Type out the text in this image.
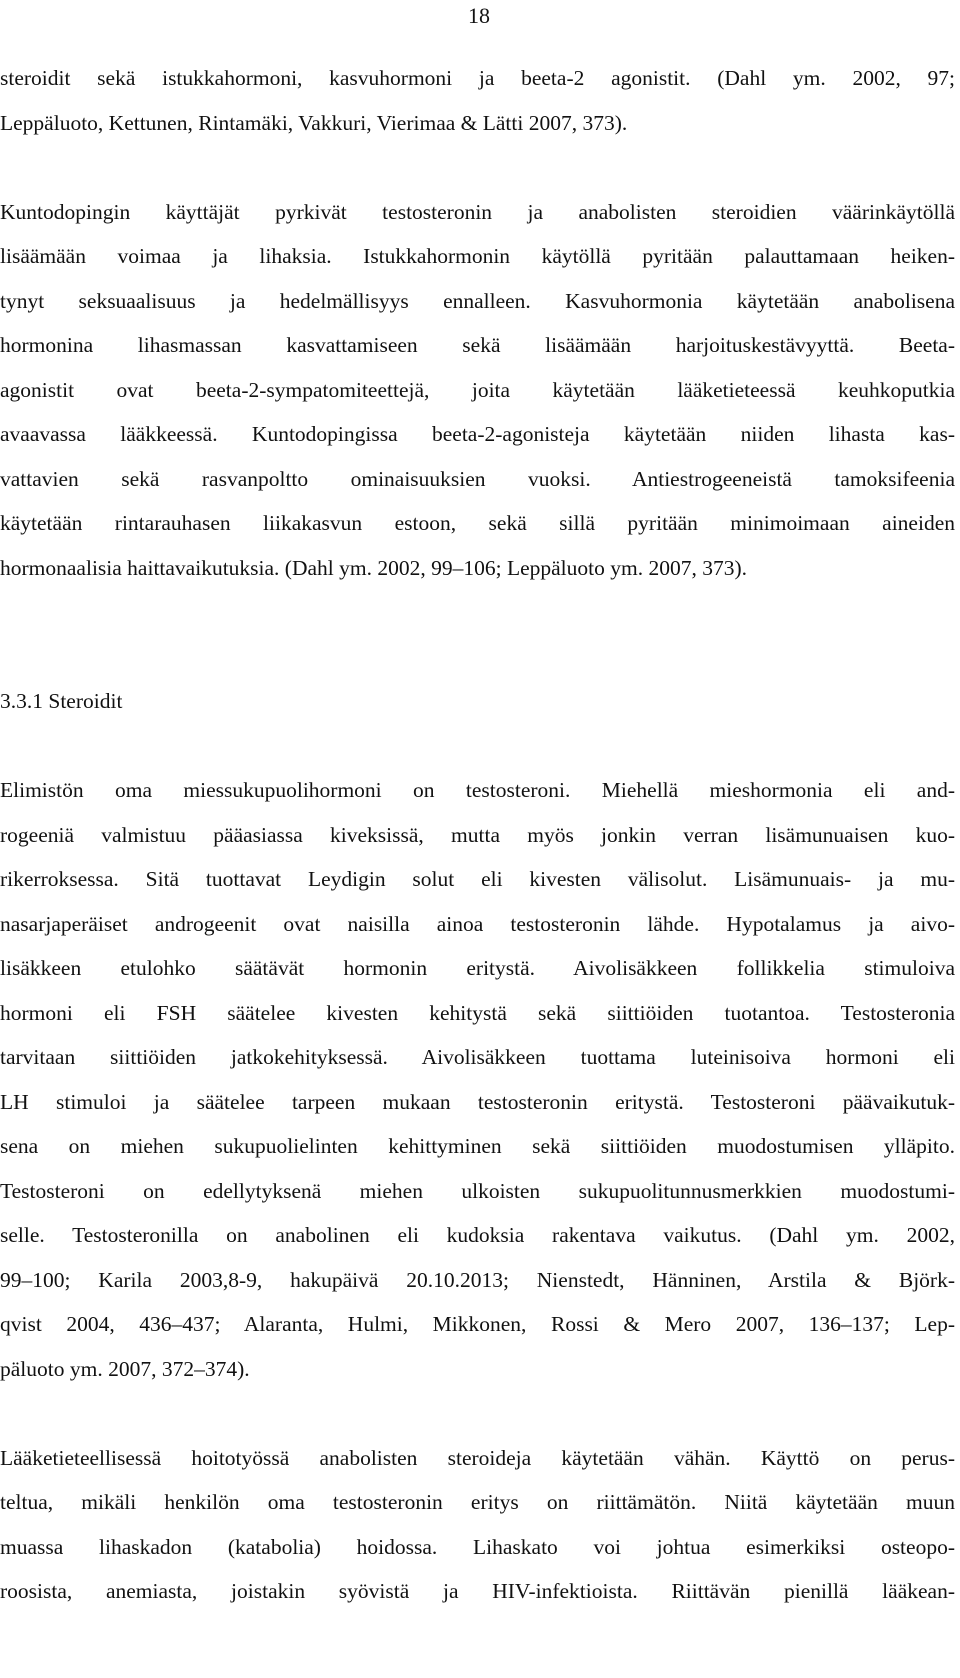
18
steroidit sekä istukkahormoni, kasvuhormoni ja beeta-2 agonistit. (Dahl ym. 2002, 97;
Leppäluoto, Kettunen, Rintamäki, Vakkuri, Vierimaa & Lätti 2007, 373).
Kuntodopingin käyttäjät pyrkivät testosteronin ja anabolisten steroidien väärinkäytöllä
lisäämään voimaa ja lihaksia. Istukkahormonin käytöllä pyritään palauttamaan heiken-
tynyt seksuaalisuus ja hedelmällisyys ennalleen. Kasvuhormonia käytetään anabolisena
hormonina lihasmassan kasvattamiseen sekä lisäämään harjoituskestävyyttä. Beeta-
agonistit ovat beeta-2-sympatomiteettejä, joita käytetään lääketieteessä keuhkoputkia
avaavassa lääkkeessä. Kuntodopingissa beeta-2-agonisteja käytetään niiden lihasta kas-
vattavien sekä rasvanpoltto ominaisuuksien vuoksi. Antiestrogeeneistä tamoksifeenia
käytetään rintarauhasen liikakasvun estoon, sekä sillä pyritään minimoimaan aineiden
hormonaalisia haittavaikutuksia. (Dahl ym. 2002, 99–106; Leppäluoto ym. 2007, 373).
3.3.1 Steroidit
Elimistön oma miessukupuolihormoni on testosteroni. Miehellä mieshormonia eli and-
rogeeniä valmistuu pääasiassa kiveksissä, mutta myös jonkin verran lisämunuaisen kuo-
rikerroksessa. Sitä tuottavat Leydigin solut eli kivesten välisolut. Lisämunuais- ja mu-
nasarjaperäiset androgeenit ovat naisilla ainoa testosteronin lähde. Hypotalamus ja aivo-
lisäkkeen etulohko säätävät hormonin eritystä. Aivolisäkkeen follikkelia stimuloiva
hormoni eli FSH säätelee kivesten kehitystä sekä siittiöiden tuotantoa. Testosteronia
tarvitaan siittiöiden jatkokehityksessä. Aivolisäkkeen tuottama luteinisoiva hormoni eli
LH stimuloi ja säätelee tarpeen mukaan testosteronin eritystä. Testosteroni päävaikutuk-
sena on miehen sukupuolielinten kehittyminen sekä siittiöiden muodostumisen ylläpito.
Testosteroni on edellytyksenä miehen ulkoisten sukupuolitunnusmerkkien muodostumi-
selle. Testosteronilla on anabolinen eli kudoksia rakentava vaikutus. (Dahl ym. 2002,
99–100; Karila 2003,8-9, hakupäivä 20.10.2013; Nienstedt, Hänninen, Arstila & Björk-
qvist 2004, 436–437; Alaranta, Hulmi, Mikkonen, Rossi & Mero 2007, 136–137; Lep-
päluoto ym. 2007, 372–374).
Lääketieteellisessä hoitotyössä anabolisten steroideja käytetään vähän. Käyttö on perus-
teltua, mikäli henkilön oma testosteronin eritys on riittämätön. Niitä käytetään muun
muassa lihaskadon (katabolia) hoidossa. Lihaskato voi johtua esimerkiksi osteopo-
roosista, anemiasta, joistakin syövistä ja HIV-infektioista. Riittävän pienillä lääkean-
